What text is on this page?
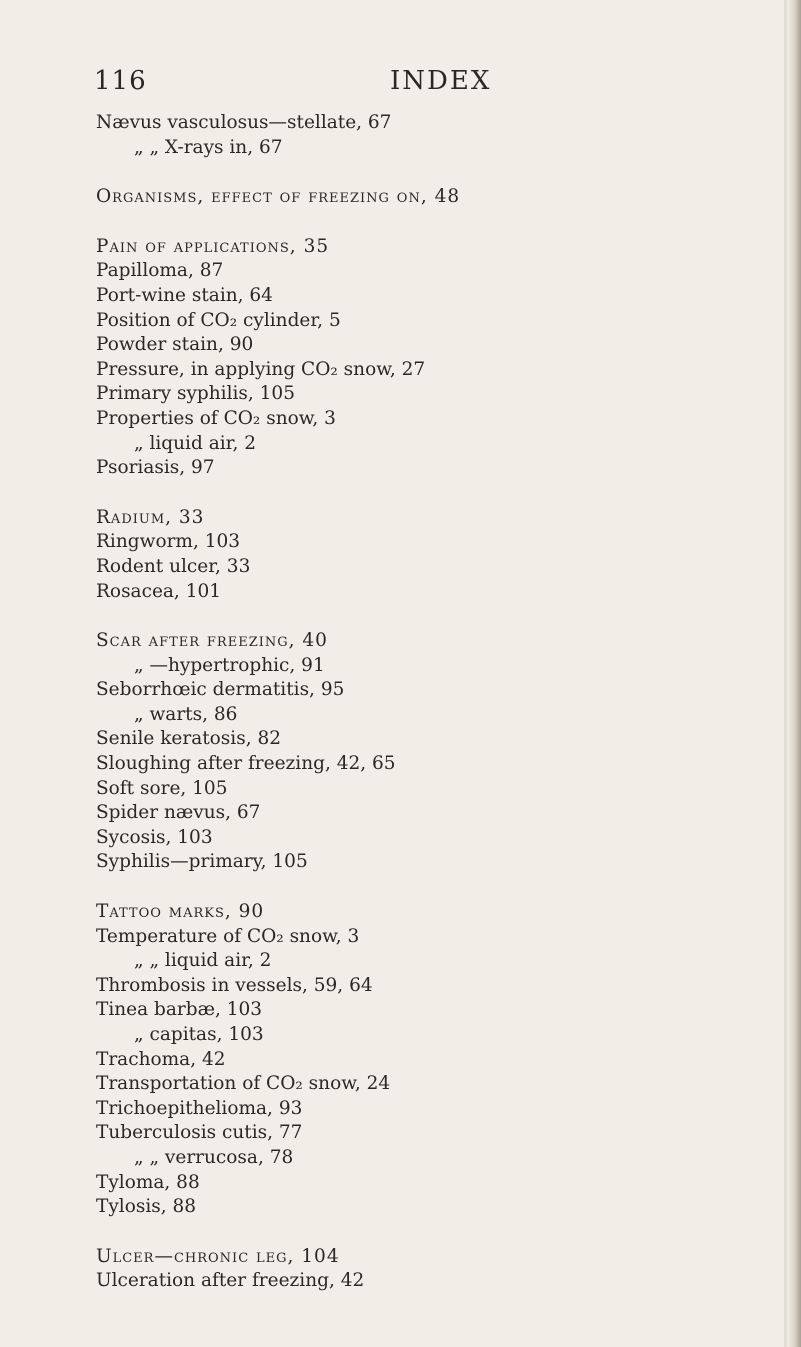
116	INDEX
Nævus vasculosus—stellate, 67
„ „ X-rays in, 67
Organisms, effect of freezing on, 48
Pain of applications, 35
Papilloma, 87
Port-wine stain, 64
Position of CO₂ cylinder, 5
Powder stain, 90
Pressure, in applying CO₂ snow, 27
Primary syphilis, 105
Properties of CO₂ snow, 3
„ liquid air, 2
Psoriasis, 97
Radium, 33
Ringworm, 103
Rodent ulcer, 33
Rosacea, 101
Scar after freezing, 40
„ —hypertrophic, 91
Seborrhœic dermatitis, 95
„ warts, 86
Senile keratosis, 82
Sloughing after freezing, 42, 65
Soft sore, 105
Spider nævus, 67
Sycosis, 103
Syphilis—primary, 105
Tattoo marks, 90
Temperature of CO₂ snow, 3
„ „ liquid air, 2
Thrombosis in vessels, 59, 64
Tinea barbæ, 103
„ capitas, 103
Trachoma, 42
Transportation of CO₂ snow, 24
Trichoepithelioma, 93
Tuberculosis cutis, 77
„ „ verrucosa, 78
Tyloma, 88
Tylosis, 88
Ulcer—chronic leg, 104
Ulceration after freezing, 42
